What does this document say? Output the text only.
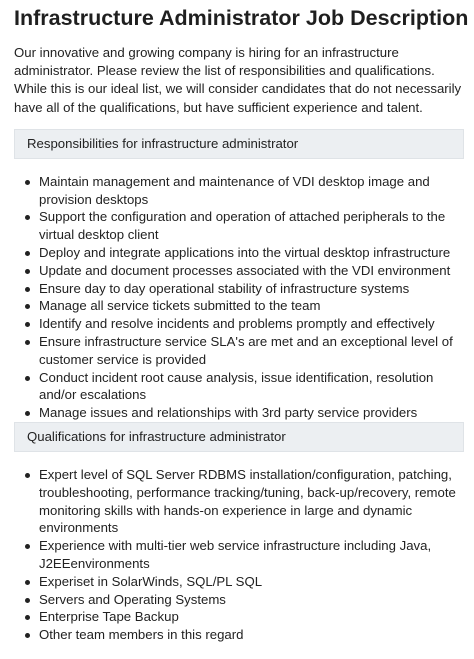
Infrastructure Administrator Job Description

Our innovative and growing company is hiring for an infrastructure administrator. Please review the list of responsibilities and qualifications. While this is our ideal list, we will consider candidates that do not necessarily have all of the qualifications, but have sufficient experience and talent.

Responsibilities for infrastructure administrator
Maintain management and maintenance of VDI desktop image and provision desktops
Support the configuration and operation of attached peripherals to the virtual desktop client
Deploy and integrate applications into the virtual desktop infrastructure
Update and document processes associated with the VDI environment
Ensure day to day operational stability of infrastructure systems
Manage all service tickets submitted to the team
Identify and resolve incidents and problems promptly and effectively
Ensure infrastructure service SLA's are met and an exceptional level of customer service is provided
Conduct incident root cause analysis, issue identification, resolution and/or escalations
Manage issues and relationships with 3rd party service providers
Qualifications for infrastructure administrator
Expert level of SQL Server RDBMS installation/configuration, patching, troubleshooting, performance tracking/tuning, back-up/recovery, remote monitoring skills with hands-on experience in large and dynamic environments
Experience with multi-tier web service infrastructure including Java, J2EEenvironments
Experiset in SolarWinds, SQL/PL SQL
Servers and Operating Systems
Enterprise Tape Backup
Other team members in this regard
